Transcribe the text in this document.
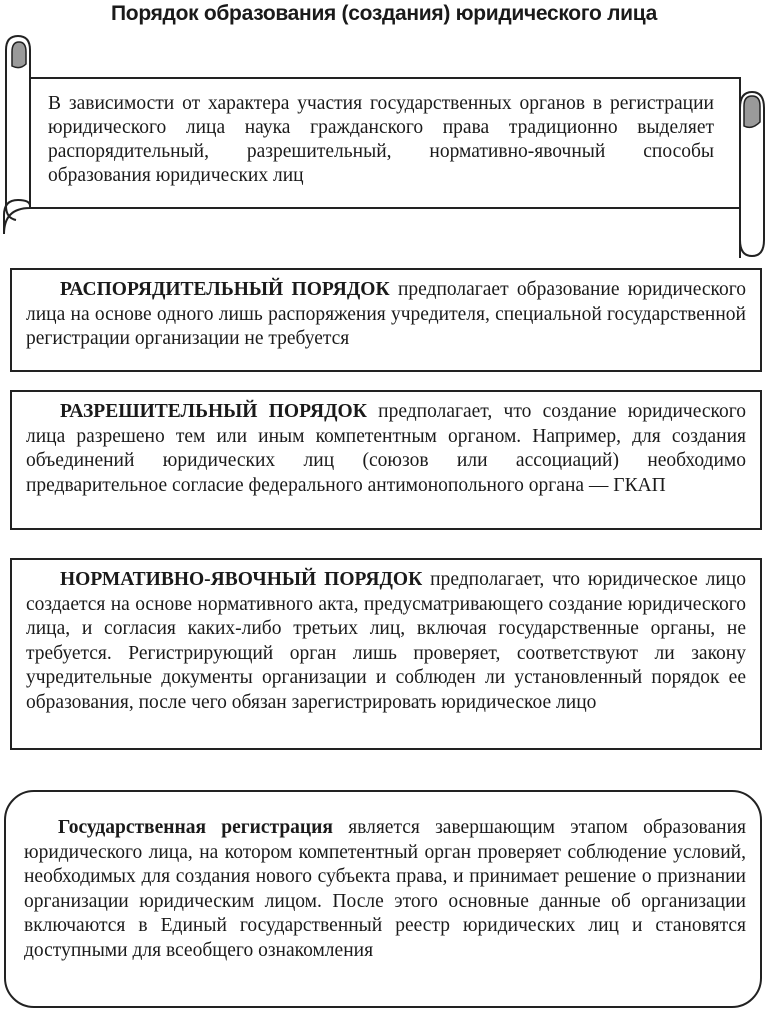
Порядок образования (создания) юридического лица
В зависимости от характера участия государственных органов в регистрации юридического лица наука гражданского права традиционно выделяет распорядительный, разрешительный, нормативно-явочный способы образования юридических лиц

РАСПОРЯДИТЕЛЬНЫЙ ПОРЯДОК предполагает образование юридического лица на основе одного лишь распоряжения учредителя, специальной государственной регистрации организации не требуется

РАЗРЕШИТЕЛЬНЫЙ ПОРЯДОК предполагает, что создание юридического лица разрешено тем или иным компетентным органом. Например, для создания объединений юридических лиц (союзов или ассоциаций) необходимо предварительное согласие федерального антимонопольного органа — ГКАП

НОРМАТИВНО-ЯВОЧНЫЙ ПОРЯДОК предполагает, что юридическое лицо создается на основе нормативного акта, предусматривающего создание юридического лица, и согласия каких-либо третьих лиц, включая государственные органы, не требуется. Регистрирующий орган лишь проверяет, соответствуют ли закону учредительные документы организации и соблюден ли установленный порядок ее образования, после чего обязан зарегистрировать юридическое лицо

Государственная регистрация является завершающим этапом образования юридического лица, на котором компетентный орган проверяет соблюдение условий, необходимых для создания нового субъекта права, и принимает решение о признании организации юридическим лицом. После этого основные данные об организации включаются в Единый государственный реестр юридических лиц и становятся доступными для всеобщего ознакомления
